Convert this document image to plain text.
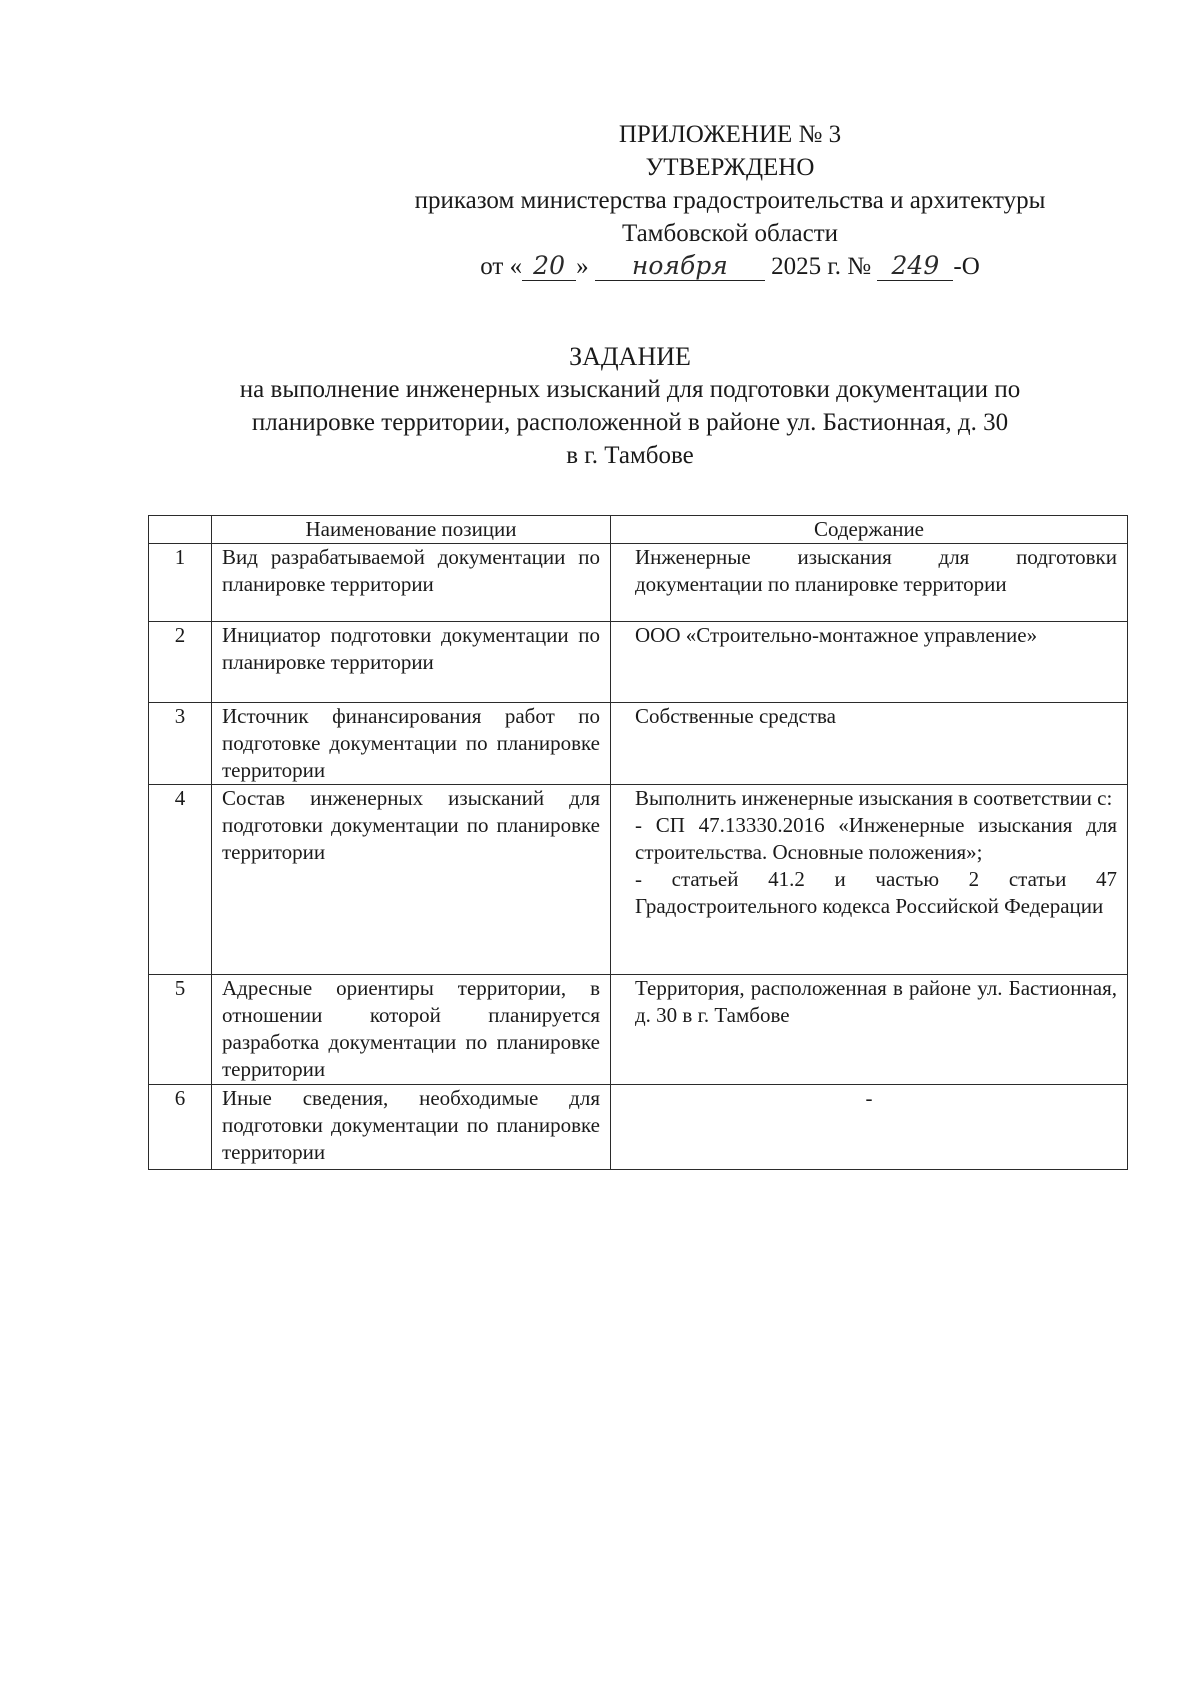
ПРИЛОЖЕНИЕ № 3
УТВЕРЖДЕНО
приказом министерства градостроительства и архитектуры
Тамбовской области
от « 20 » ноября 2025 г. № 249 -О
ЗАДАНИЕ
на выполнение инженерных изысканий для подготовки документации по
планировке территории, расположенной в районе ул. Бастионная, д. 30
в г. Тамбове
	Наименование позиции	Содержание
1	Вид разрабатываемой документации по планировке территории	Инженерные изыскания для подготовки документации по планировке территории

2	Инициатор подготовки документации по планировке территории	ООО «Строительно-монтажное управление»

3	Источник финансирования работ по подготовке документации по планировке территории	Собственные средства

4	Состав инженерных изысканий для подготовки документации по планировке территории	Выполнить инженерные изыскания в соответствии с:
- СП 47.13330.2016 «Инженерные изыскания для строительства. Основные положения»;
- статьей 41.2 и частью 2 статьи 47 Градостроительного кодекса Российской Федерации

5	Адресные ориентиры территории, в отношении которой планируется разработка документации по планировке территории	Территория, расположенная в районе ул. Бастионная, д. 30 в г. Тамбове

6	Иные сведения, необходимые для подготовки документации по планировке территории	-
